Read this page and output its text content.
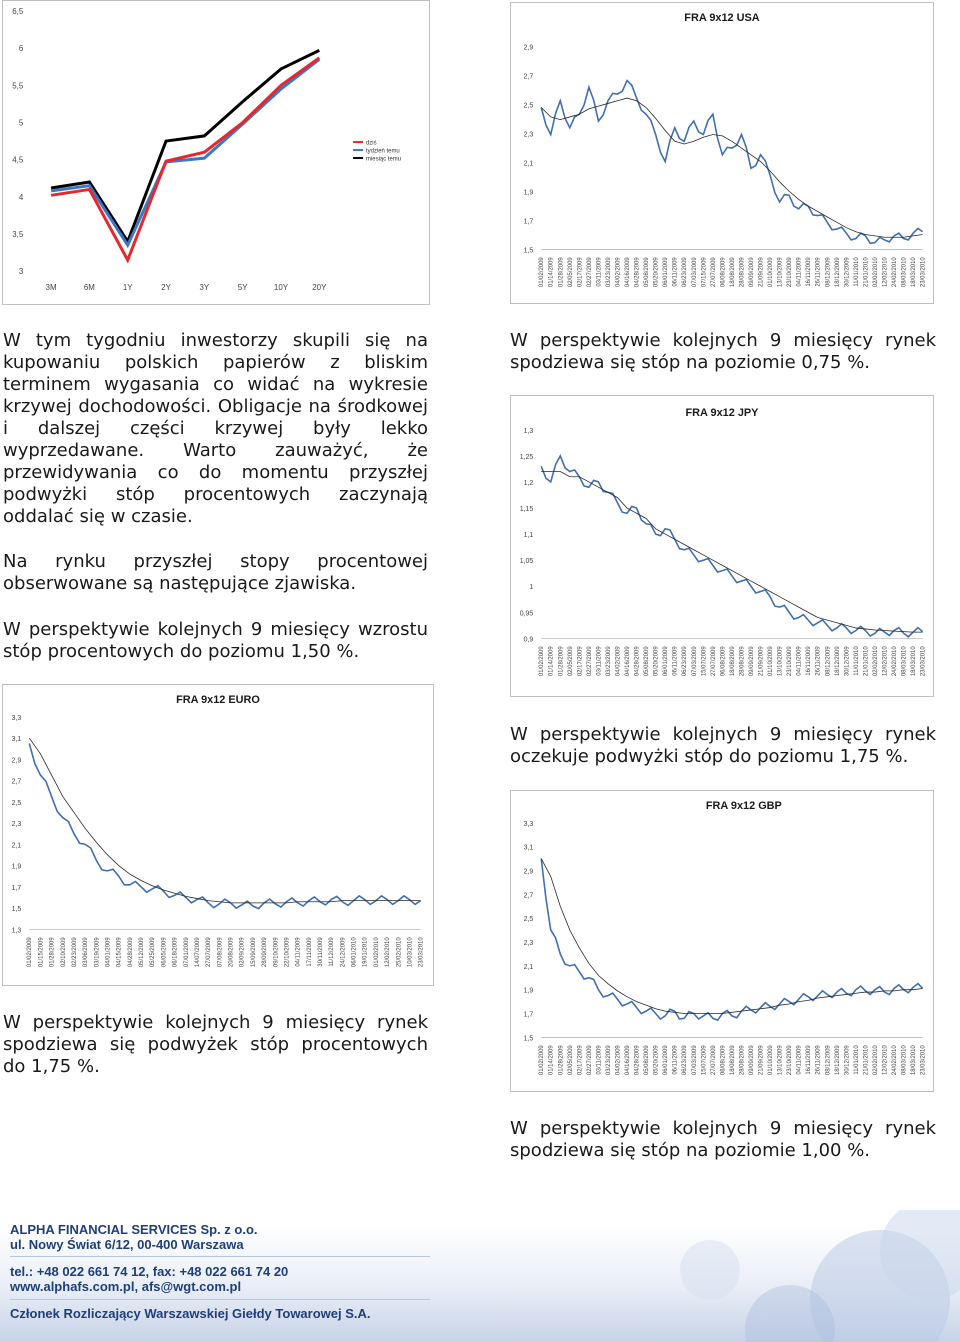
3
3,5
4
4,5
5
5,5
6
6,5
3M	6M	1Y	2Y	3Y	5Y	10Y	20Y
dziś
tydzień temu
miesiąc temu
FRA 9x12 USA
1,5
1,7
1,9
2,1
2,3
2,5
2,7
2,9
01/02/2009 01/14/2009 01/28/2009 02/05/2009 02/17/2009 02/27/2009 03/11/2009 03/23/2009 04/02/2009 04/16/2009 04/28/2009 05/08/2009 05/20/2009 06/01/2009 06/11/2009 06/23/2009 07/03/2009 07/15/2009 27/07/2009 06/08/2009 18/08/2009 28/08/2009 09/09/2009 21/09/2009 01/10/2009 13/10/2009 23/10/2009 04/11/2009 16/11/2009 26/11/2009 08/12/2009 18/12/2009 30/12/2009 11/01/2010 21/01/2010 02/02/2010 12/02/2010 24/02/2010 08/03/2010 18/03/2010 23/03/2010

W tym tygodniu inwestorzy skupili się na kupowaniu polskich papierów z bliskim terminem wygasania co widać na wykresie krzywej dochodowości. Obligacje na środkowej i dalszej części krzywej były lekko wyprzedawane. Warto zauważyć, że przewidywania co do momentu przyszłej podwyżki stóp procentowych zaczynają oddalać się w czasie.

Na rynku przyszłej stopy procentowej obserwowane są następujące zjawiska.

W perspektywie kolejnych 9 miesięcy wzrostu stóp procentowych do poziomu 1,50 %.

W perspektywie kolejnych 9 miesięcy rynek spodziewa się stóp na poziomie 0,75 %.

FRA 9x12 JPY
0,9
0,95
1
1,05
1,1
1,15
1,2
1,25
1,3
01/02/2009 01/14/2009 01/28/2009 02/05/2009 02/17/2009 02/27/2009 03/11/2009 03/23/2009 04/02/2009 04/16/2009 04/28/2009 05/08/2009 05/20/2009 06/01/2009 06/11/2009 06/23/2009 07/03/2009 15/07/2009 27/07/2009 06/08/2009 18/08/2009 28/08/2009 09/09/2009 21/09/2009 01/10/2009 13/10/2009 23/10/2009 04/11/2009 16/11/2009 26/11/2009 08/12/2009 18/12/2009 30/12/2009 11/01/2010 21/01/2010 02/02/2010 12/02/2010 24/02/2010 08/03/2010 18/03/2010 23/03/2010
FRA 9x12 EURO
1,3
1,5
1,7
1,9
2,1
2,3
2,5
2,7
2,9
3,1
3,3
01/02/2009 01/15/2009 01/28/2009 02/10/2009 02/23/2009 03/06/2009 03/19/2009 04/01/2009 04/15/2009 04/28/2009 05/12/2009 05/25/2009 06/05/2009 06/18/2009 07/01/2009 14/07/2009 27/07/2009 07/08/2009 20/08/2009 02/09/2009 15/09/2009 28/09/2009 09/10/2009 22/10/2009 04/11/2009 17/11/2009 30/11/2009 11/12/2009 24/12/2009 06/01/2010 19/01/2010 01/02/2010 12/02/2010 25/02/2010 10/03/2010 23/03/2010

W perspektywie kolejnych 9 miesięcy rynek oczekuje podwyżki stóp do poziomu 1,75 %.

FRA 9x12 GBP
1,5
1,7
1,9
2,1
2,3
2,5
2,7
2,9
3,1
3,3
01/02/2009 01/14/2009 01/28/2009 02/05/2009 02/17/2009 02/27/2009 03/11/2009 03/23/2009 04/02/2009 04/16/2009 04/28/2009 05/08/2009 05/20/2009 06/01/2009 06/11/2009 06/23/2009 07/03/2009 15/07/2009 27/07/2009 06/08/2009 18/08/2009 28/08/2009 09/09/2009 21/09/2009 01/10/2009 13/10/2009 23/10/2009 04/11/2009 16/11/2009 26/11/2009 08/12/2009 18/12/2009 30/12/2009 11/01/2010 21/01/2010 02/02/2010 12/02/2010 24/02/2010 08/03/2010 18/03/2010 23/03/2010

W perspektywie kolejnych 9 miesięcy rynek spodziewa się podwyżek stóp procentowych do 1,75 %.

W perspektywie kolejnych 9 miesięcy rynek spodziewa się stóp na poziomie 1,00 %.

ALPHA FINANCIAL SERVICES Sp. z o.o.
ul. Nowy Świat 6/12, 00-400 Warszawa
tel.: +48 022 661 74 12, fax: +48 022 661 74 20
www.alphafs.com.pl, afs@wgt.com.pl
Członek Rozliczający Warszawskiej Giełdy Towarowej S.A.
